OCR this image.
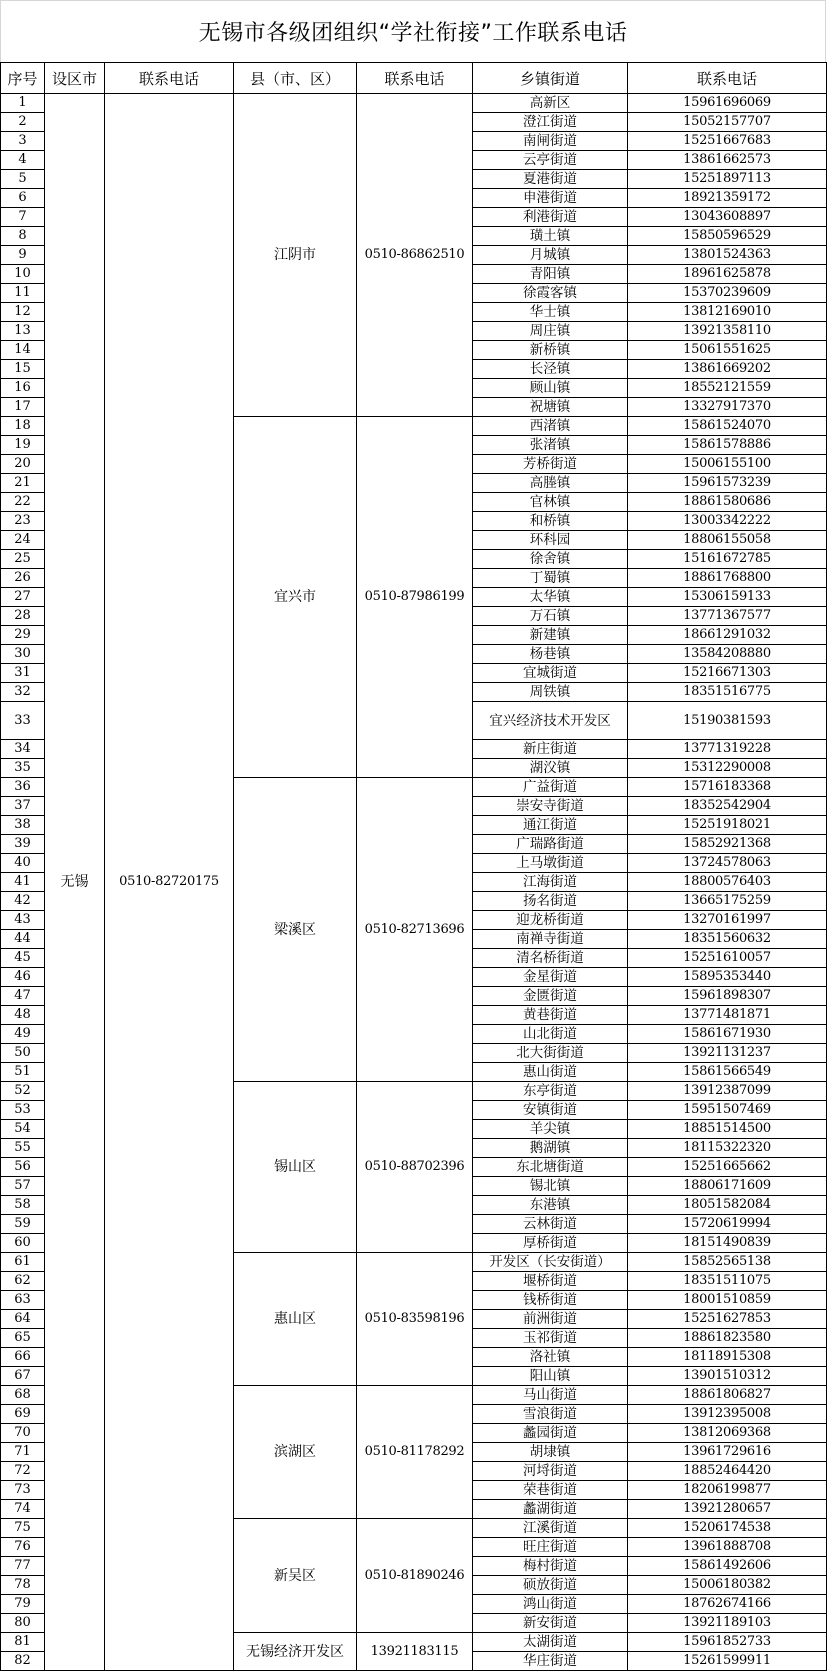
无锡市各级团组织“学社衔接”工作联系电话
序号	设区市	联系电话	县（市、区）	联系电话	乡镇街道	联系电话
1	无锡	0510-82720175	江阴市	0510-86862510	高新区	15961696069
2					澄江街道	15052157707
3					南闸街道	15251667683
4					云亭街道	13861662573
5					夏港街道	15251897113
6					申港街道	18921359172
7					利港街道	13043608897
8					璜土镇	15850596529
9					月城镇	13801524363
10					青阳镇	18961625878
11					徐霞客镇	15370239609
12					华士镇	13812169010
13					周庄镇	13921358110
14					新桥镇	15061551625
15					长泾镇	13861669202
16					顾山镇	18552121559
17					祝塘镇	13327917370
18			宜兴市	0510-87986199	西渚镇	15861524070
19					张渚镇	15861578886
20					芳桥街道	15006155100
21					高塍镇	15961573239
22					官林镇	18861580686
23					和桥镇	13003342222
24					环科园	18806155058
25					徐舍镇	15161672785
26					丁蜀镇	18861768800
27					太华镇	15306159133
28					万石镇	13771367577
29					新建镇	18661291032
30					杨巷镇	13584208880
31					宜城街道	15216671303
32					周铁镇	18351516775
33					宜兴经济技术开发区	15190381593
34					新庄街道	13771319228
35					湖㳇镇	15312290008
36			梁溪区	0510-82713696	广益街道	15716183368
37					崇安寺街道	18352542904
38					通江街道	15251918021
39					广瑞路街道	15852921368
40					上马墩街道	13724578063
41					江海街道	18800576403
42					扬名街道	13665175259
43					迎龙桥街道	13270161997
44					南禅寺街道	18351560632
45					清名桥街道	15251610057
46					金星街道	15895353440
47					金匮街道	15961898307
48					黄巷街道	13771481871
49					山北街道	15861671930
50					北大街街道	13921131237
51					惠山街道	15861566549
52			锡山区	0510-88702396	东亭街道	13912387099
53					安镇街道	15951507469
54					羊尖镇	18851514500
55					鹅湖镇	18115322320
56					东北塘街道	15251665662
57					锡北镇	18806171609
58					东港镇	18051582084
59					云林街道	15720619994
60					厚桥街道	18151490839
61			惠山区	0510-83598196	开发区（长安街道）	15852565138
62					堰桥街道	18351511075
63					钱桥街道	18001510859
64					前洲街道	15251627853
65					玉祁街道	18861823580
66					洛社镇	18118915308
67					阳山镇	13901510312
68			滨湖区	0510-81178292	马山街道	18861806827
69					雪浪街道	13912395008
70					蠡园街道	13812069368
71					胡埭镇	13961729616
72					河埒街道	18852464420
73					荣巷街道	18206199877
74					蠡湖街道	13921280657
75			新吴区	0510-81890246	江溪街道	15206174538
76					旺庄街道	13961888708
77					梅村街道	15861492606
78					硕放街道	15006180382
79					鸿山街道	18762674166
80					新安街道	13921189103
81			无锡经济开发区	13921183115	太湖街道	15961852733
82					华庄街道	15261599911
